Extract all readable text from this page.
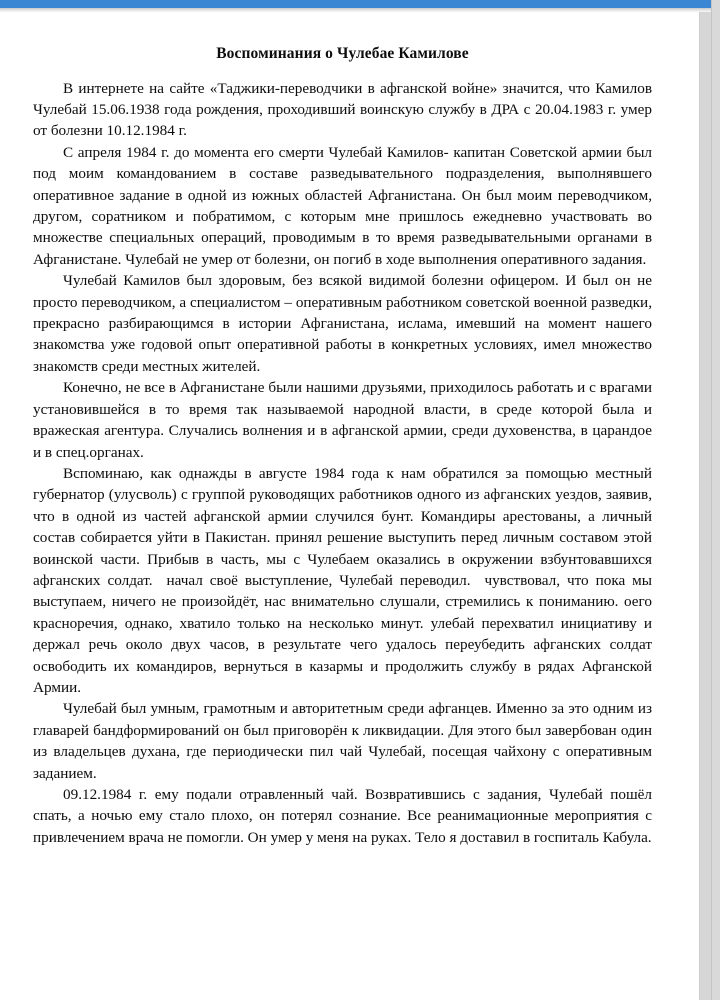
Воспоминания о Чулебае Камилове

В интернете на сайте «Таджики-переводчики в афганской войне» значится, что Камилов Чулебай 15.06.1938 года рождения, проходивший воинскую службу в ДРА с 20.04.1983 г. умер от болезни 10.12.1984 г.

С апреля 1984 г. до момента его смерти Чулебай Камилов- капитан Советской армии был под моим командованием в составе разведывательного подразделения, выполнявшего оперативное задание в одной из южных областей Афганистана. Он был моим переводчиком, другом, соратником и побратимом, с которым мне пришлось ежедневно участвовать во множестве специальных операций, проводимым в то время разведывательными органами в Афганистане. Чулебай не умер от болезни, он погиб в ходе выполнения оперативного задания.

Чулебай Камилов был здоровым, без всякой видимой болезни офицером. И был он не просто переводчиком, а специалистом – оперативным работником советской военной разведки, прекрасно разбирающимся в истории Афганистана, ислама, имевший на момент нашего знакомства уже годовой опыт оперативной работы в конкретных условиях, имел множество знакомств среди местных жителей.

Конечно, не все в Афганистане были нашими друзьями, приходилось работать и с врагами установившейся в то время так называемой народной власти, в среде которой была и вражеская агентура. Случались волнения и в афганской армии, среди духовенства, в царандое и в спец.органах.

Вспоминаю, как однажды в августе 1984 года к нам обратился за помощью местный губернатор (улусволь) с группой руководящих работников одного из афганских уездов, заявив, что в одной из частей афганской армии случился бунт. Командиры арестованы, а личный состав собирается уйти в Пакистан. принял решение выступить перед личным составом этой воинской части. Прибыв в часть, мы с Чулебаем оказались в окружении взбунтовавшихся афганских солдат.  начал своё выступление, Чулебай переводил.  чувствовал, что пока мы выступаем, ничего не произойдёт, нас внимательно слушали, стремились к пониманию. оего красноречия, однако, хватило только на несколько минут. улебай перехватил инициативу и держал речь около двух часов, в результате чего удалось переубедить афганских солдат освободить их командиров, вернуться в казармы и продолжить службу в рядах Афганской Армии.

Чулебай был умным, грамотным и авторитетным среди афганцев. Именно за это одним из главарей бандформирований он был приговорён к ликвидации. Для этого был завербован один из владельцев духана, где периодически пил чай Чулебай, посещая чайхону с оперативным заданием.

09.12.1984 г. ему подали отравленный чай. Возвратившись с задания, Чулебай пошёл спать, а ночью ему стало плохо, он потерял сознание. Все реанимационные мероприятия с привлечением врача не помогли. Он умер у меня на руках. Тело я доставил в госпиталь Кабула.
